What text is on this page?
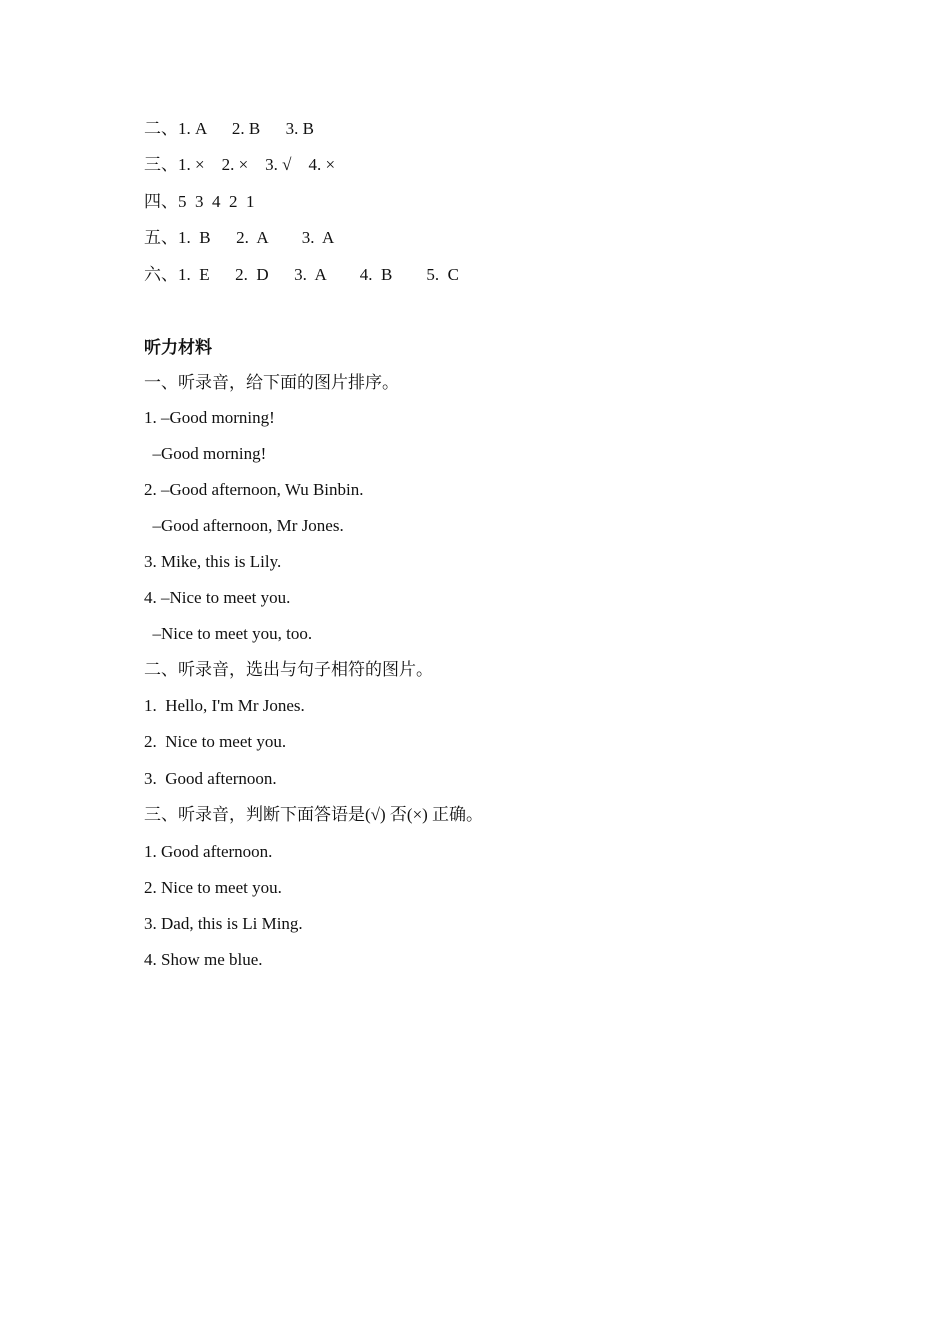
二、1. A      2. B      3. B
三、1. ×    2. ×    3. √    4. ×
四、5  3  4  2  1
五、1.  B      2.  A        3.  A
六、1.  E      2.  D      3.  A        4.  B        5.  C
听力材料
一、听录音，给下面的图片排序。
1. –Good morning!
–Good morning!
2. –Good afternoon, Wu Binbin.
–Good afternoon, Mr Jones.
3. Mike, this is Lily.
4. –Nice to meet you.
–Nice to meet you, too.
二、听录音，选出与句子相符的图片。
1.  Hello, I'm Mr Jones.
2.  Nice to meet you.
3.  Good afternoon.
三、听录音，判断下面答语是(√) 否(×) 正确。
1. Good afternoon.
2. Nice to meet you.
3. Dad, this is Li Ming.
4. Show me blue.
